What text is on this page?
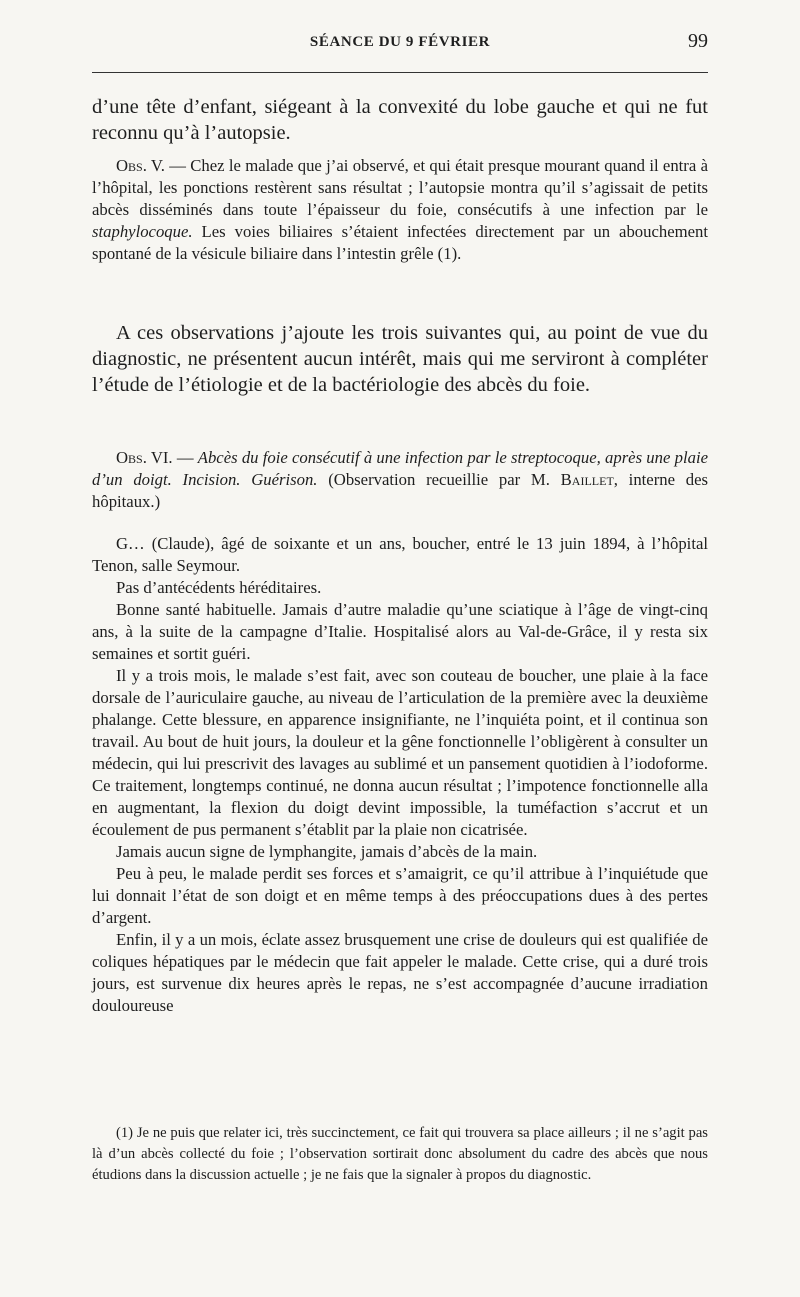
SÉANCE DU 9 FÉVRIER	99

d’une tête d’enfant, siégeant à la convexité du lobe gauche et qui ne fut reconnu qu’à l’autopsie.

Obs. V. — Chez le malade que j’ai observé, et qui était presque mourant quand il entra à l’hôpital, les ponctions restèrent sans résultat ; l’autopsie montra qu’il s’agissait de petits abcès disséminés dans toute l’épaisseur du foie, consécutifs à une infection par le staphylocoque. Les voies biliaires s’étaient infectées directement par un abouchement spontané de la vésicule biliaire dans l’intestin grêle (1).

A ces observations j’ajoute les trois suivantes qui, au point de vue du diagnostic, ne présentent aucun intérêt, mais qui me serviront à compléter l’étude de l’étiologie et de la bactériologie des abcès du foie.

Obs. VI. — Abcès du foie consécutif à une infection par le streptocoque, après une plaie d’un doigt. Incision. Guérison. (Observation recueillie par M. Baillet, interne des hôpitaux.)

G… (Claude), âgé de soixante et un ans, boucher, entré le 13 juin 1894, à l’hôpital Tenon, salle Seymour.

Pas d’antécédents héréditaires.

Bonne santé habituelle. Jamais d’autre maladie qu’une sciatique à l’âge de vingt-cinq ans, à la suite de la campagne d’Italie. Hospitalisé alors au Val-de-Grâce, il y resta six semaines et sortit guéri.

Il y a trois mois, le malade s’est fait, avec son couteau de boucher, une plaie à la face dorsale de l’auriculaire gauche, au niveau de l’articulation de la première avec la deuxième phalange. Cette blessure, en apparence insignifiante, ne l’inquiéta point, et il continua son travail. Au bout de huit jours, la douleur et la gêne fonctionnelle l’obligèrent à consulter un médecin, qui lui prescrivit des lavages au sublimé et un pansement quotidien à l’iodoforme. Ce traitement, longtemps continué, ne donna aucun résultat ; l’impotence fonctionnelle alla en augmentant, la flexion du doigt devint impossible, la tuméfaction s’accrut et un écoulement de pus permanent s’établit par la plaie non cicatrisée.

Jamais aucun signe de lymphangite, jamais d’abcès de la main.

Peu à peu, le malade perdit ses forces et s’amaigrit, ce qu’il attribue à l’inquiétude que lui donnait l’état de son doigt et en même temps à des préoccupations dues à des pertes d’argent.

Enfin, il y a un mois, éclate assez brusquement une crise de douleurs qui est qualifiée de coliques hépatiques par le médecin que fait appeler le malade. Cette crise, qui a duré trois jours, est survenue dix heures après le repas, ne s’est accompagnée d’aucune irradiation douloureuse

(1) Je ne puis que relater ici, très succinctement, ce fait qui trouvera sa place ailleurs ; il ne s’agit pas là d’un abcès collecté du foie ; l’observation sortirait donc absolument du cadre des abcès que nous étudions dans la discussion actuelle ; je ne fais que la signaler à propos du diagnostic.
